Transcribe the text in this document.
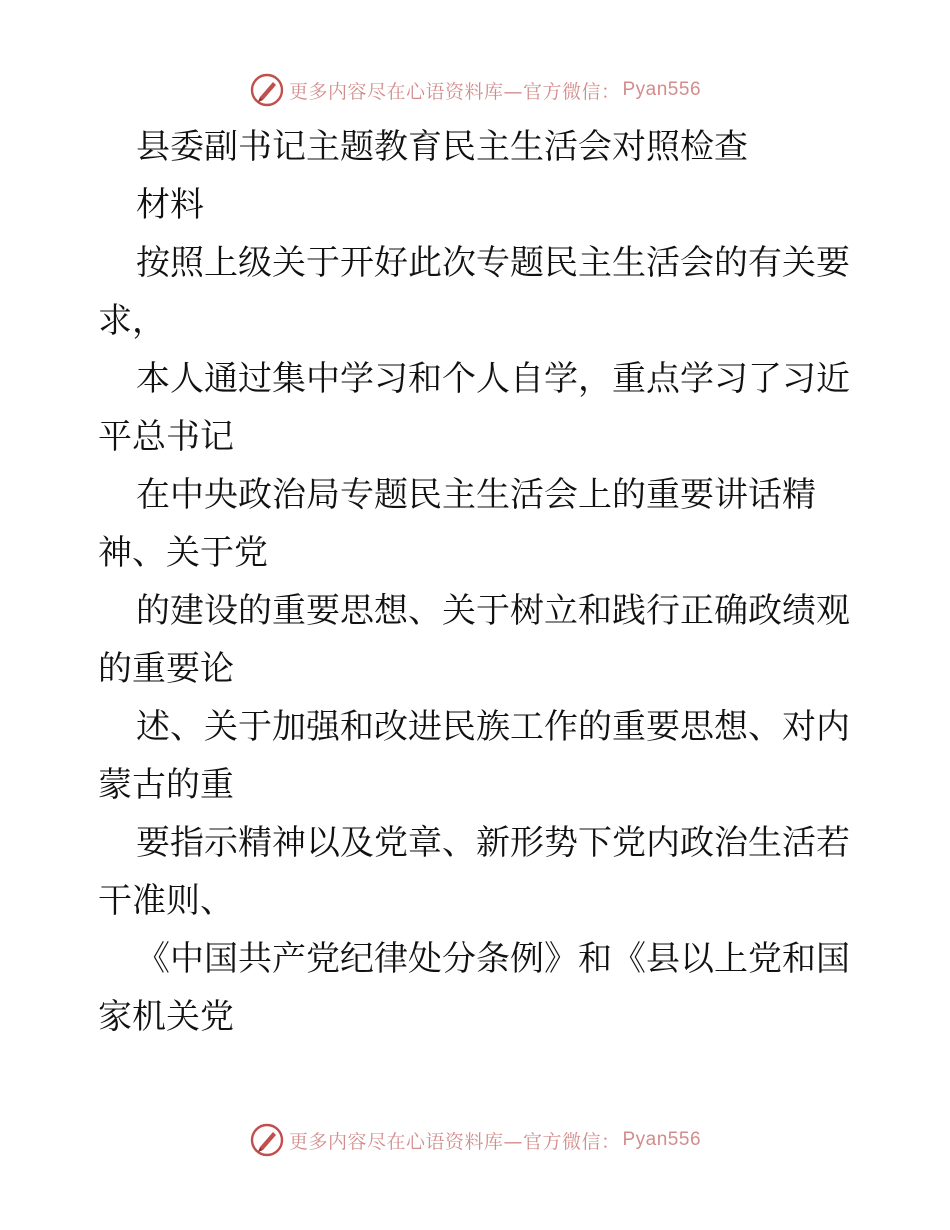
更多内容尽在心语资料库—官方微信： Pyan556
县委副书记主题教育民主生活会对照检查
材料
按照上级关于开好此次专题民主生活会的有关要
求，
本人通过集中学习和个人自学，重点学习了习近
平总书记
在中央政治局专题民主生活会上的重要讲话精
神、关于党
的建设的重要思想、关于树立和践行正确政绩观
的重要论
述、关于加强和改进民族工作的重要思想、对内
蒙古的重
要指示精神以及党章、新形势下党内政治生活若
干准则、
《中国共产党纪律处分条例》和《县以上党和国
家机关党
更多内容尽在心语资料库—官方微信： Pyan556
